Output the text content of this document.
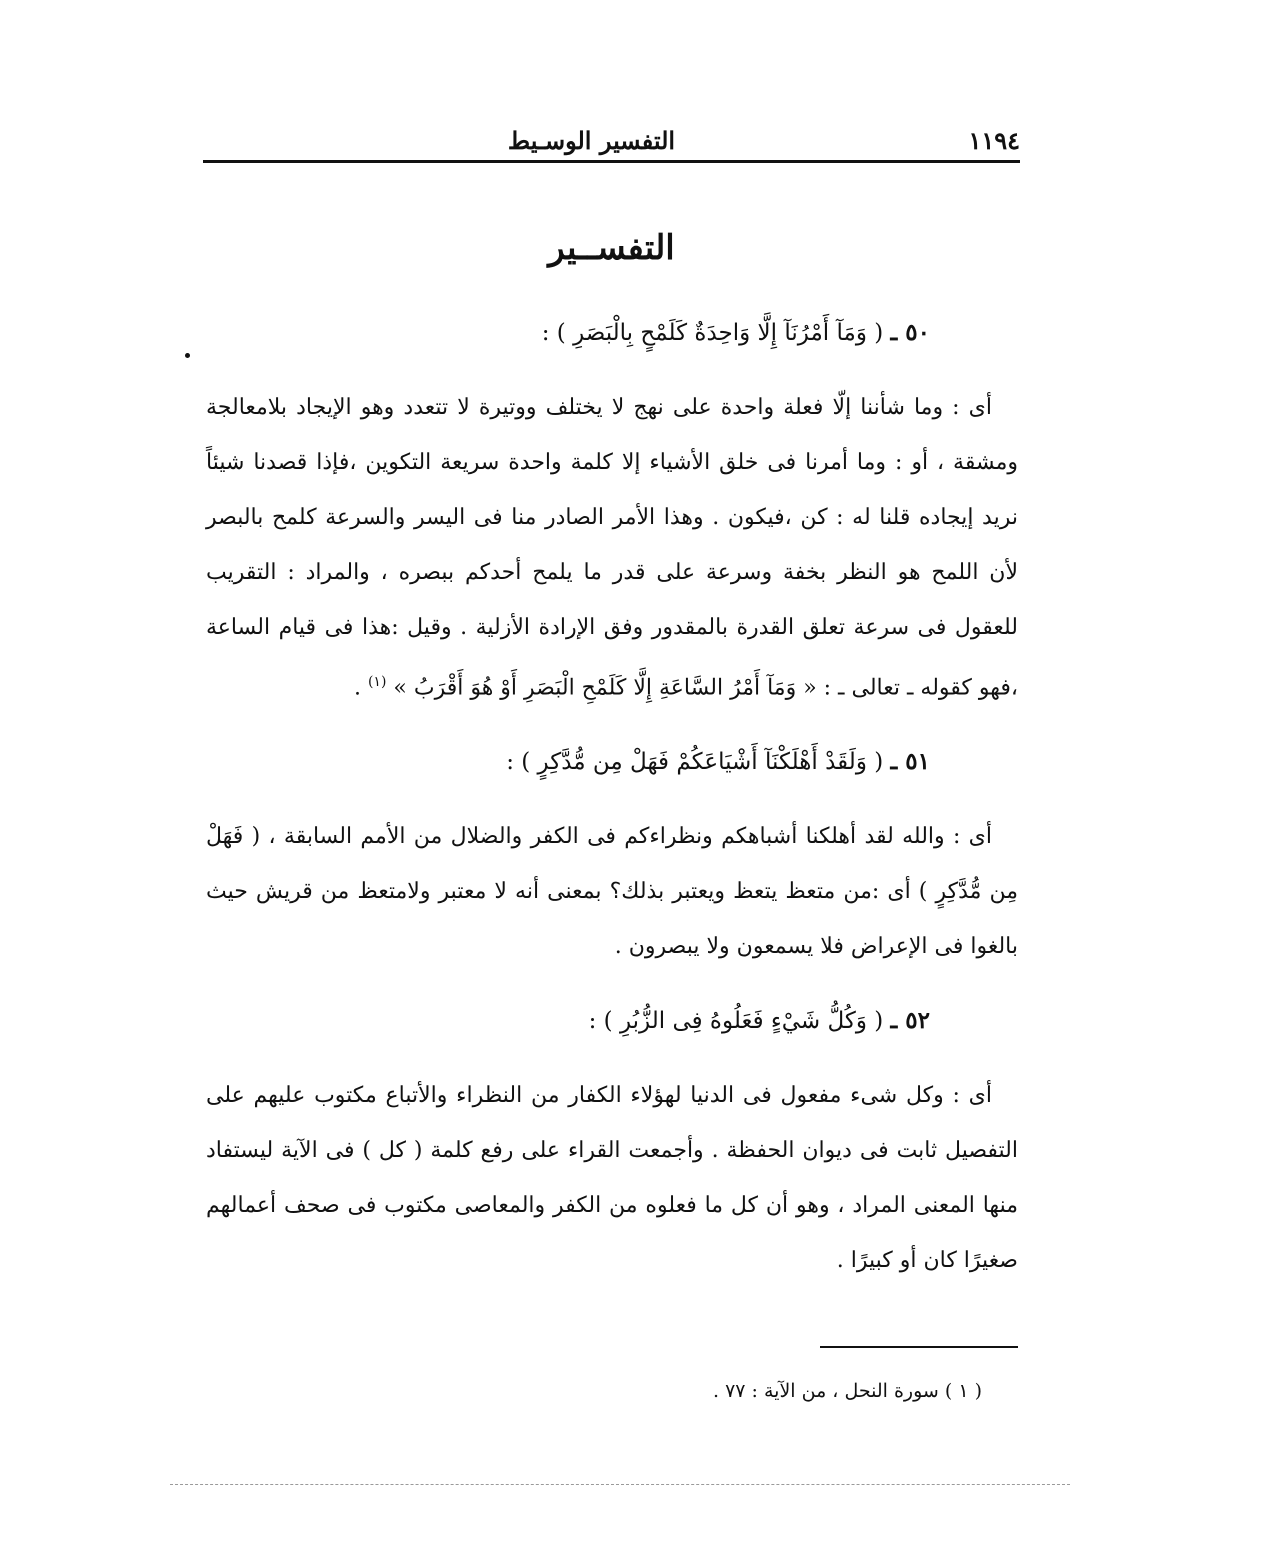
١١٩٤
التفسير الوسـيط
التفســير

٥٠ ـ ( وَمَآ أَمْرُنَآ إِلَّا وَاحِدَةٌ كَلَمْحٍ بِالْبَصَرِ ) :

أى : وما شأننا إلّا فعلة واحدة على نهج لا يختلف ووتيرة لا تتعدد وهو الإيجاد بلامعالجة ومشقة ، أو : وما أمرنا فى خلق الأشياء إلا كلمة واحدة سريعة التكوين ،فإذا قصدنا شيئاً نريد إيجاده قلنا له : كن ،فيكون . وهذا الأمر الصادر منا فى اليسر والسرعة كلمح بالبصر لأن اللمح هو النظر بخفة وسرعة على قدر ما يلمح أحدكم ببصره ، والمراد : التقريب للعقول فى سرعة تعلق القدرة بالمقدور وفق الإرادة الأزلية . وقيل :هذا فى قيام الساعة ،فهو كقوله ـ تعالى ـ : « وَمَآ أَمْرُ السَّاعَةِ إِلَّا كَلَمْحِ الْبَصَرِ أَوْ هُوَ أَقْرَبُ » $^{(١)}$ .

٥١ ـ ( وَلَقَدْ أَهْلَكْنَآ أَشْيَاعَكُمْ فَهَلْ مِن مُّدَّكِرٍ ) :

أى : والله لقد أهلكنا أشباهكم ونظراءكم فى الكفر والضلال من الأمم السابقة ، ( فَهَلْ مِن مُّدَّكِرٍ ) أى :من متعظ يتعظ ويعتبر بذلك؟ بمعنى أنه لا معتبر ولامتعظ من قريش حيث بالغوا فى الإعراض فلا يسمعون ولا يبصرون .

٥٢ ـ ( وَكُلُّ شَيْءٍ فَعَلُوهُ فِى الزُّبُرِ ) :

أى : وكل شىء مفعول فى الدنيا لهؤلاء الكفار من النظراء والأتباع مكتوب عليهم على التفصيل ثابت فى ديوان الحفظة . وأجمعت القراء على رفع كلمة ( كل ) فى الآية ليستفاد منها المعنى المراد ، وهو أن كل ما فعلوه من الكفر والمعاصى مكتوب فى صحف أعمالهم صغيرًا كان أو كبيرًا .

( ١ ) سورة النحل ، من الآية : ٧٧ .
